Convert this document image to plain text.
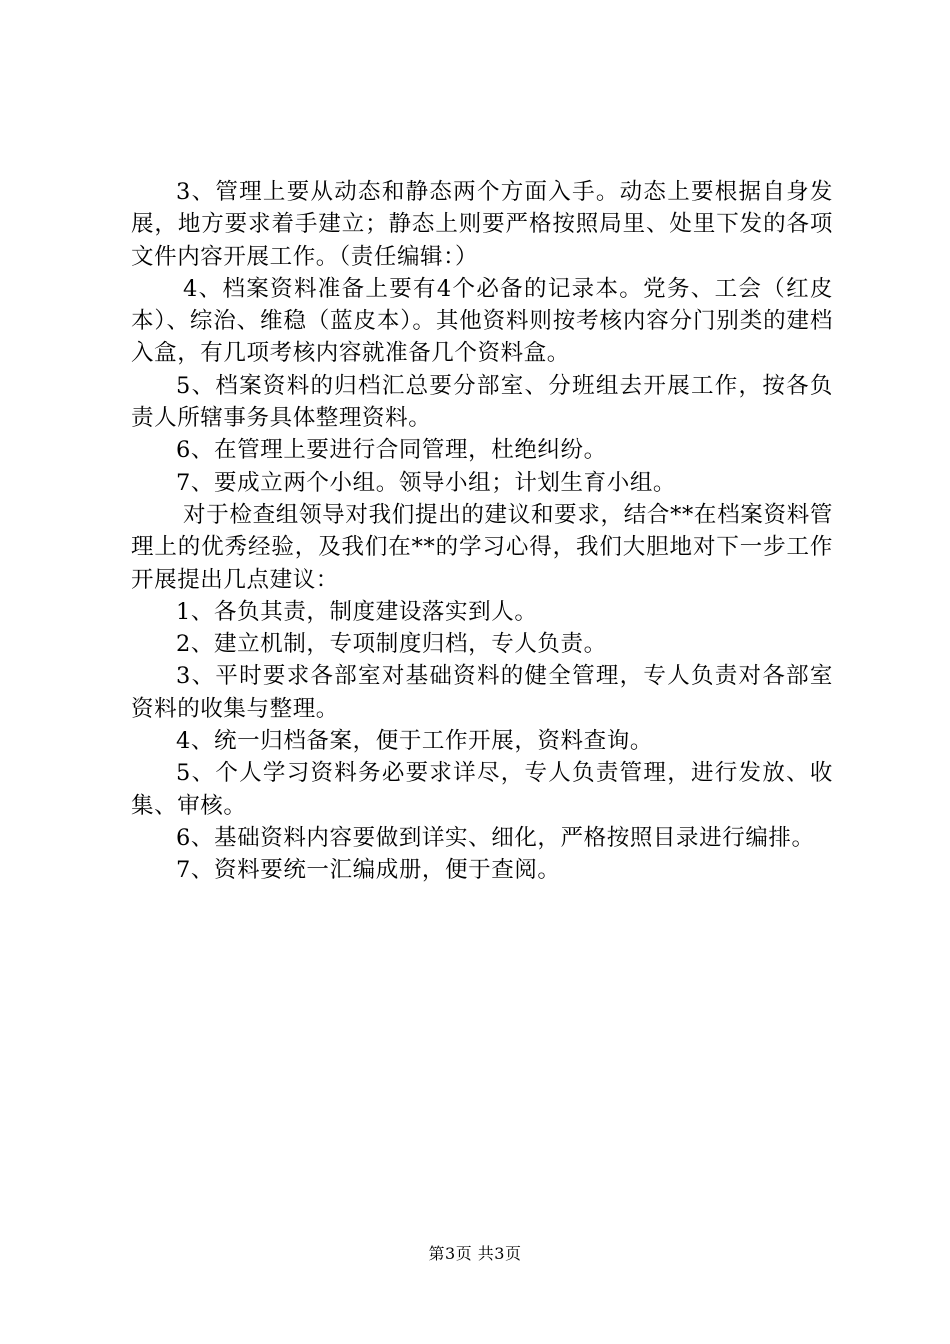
3、管理上要从动态和静态两个方面入手。动态上要根据自身发展，地方要求着手建立；静态上则要严格按照局里、处里下发的各项文件内容开展工作。（责任编辑：）

4、档案资料准备上要有4个必备的记录本。党务、工会（红皮本）、综治、维稳（蓝皮本）。其他资料则按考核内容分门别类的建档入盒，有几项考核内容就准备几个资料盒。

5、档案资料的归档汇总要分部室、分班组去开展工作，按各负责人所辖事务具体整理资料。

6、在管理上要进行合同管理，杜绝纠纷。

7、要成立两个小组。领导小组；计划生育小组。

对于检查组领导对我们提出的建议和要求，结合**在档案资料管理上的优秀经验，及我们在**的学习心得，我们大胆地对下一步工作开展提出几点建议：

1、各负其责，制度建设落实到人。

2、建立机制，专项制度归档，专人负责。

3、平时要求各部室对基础资料的健全管理，专人负责对各部室资料的收集与整理。

4、统一归档备案，便于工作开展，资料查询。

5、个人学习资料务必要求详尽，专人负责管理，进行发放、收集、审核。

6、基础资料内容要做到详实、细化，严格按照目录进行编排。

7、资料要统一汇编成册，便于查阅。

第3页 共3页
